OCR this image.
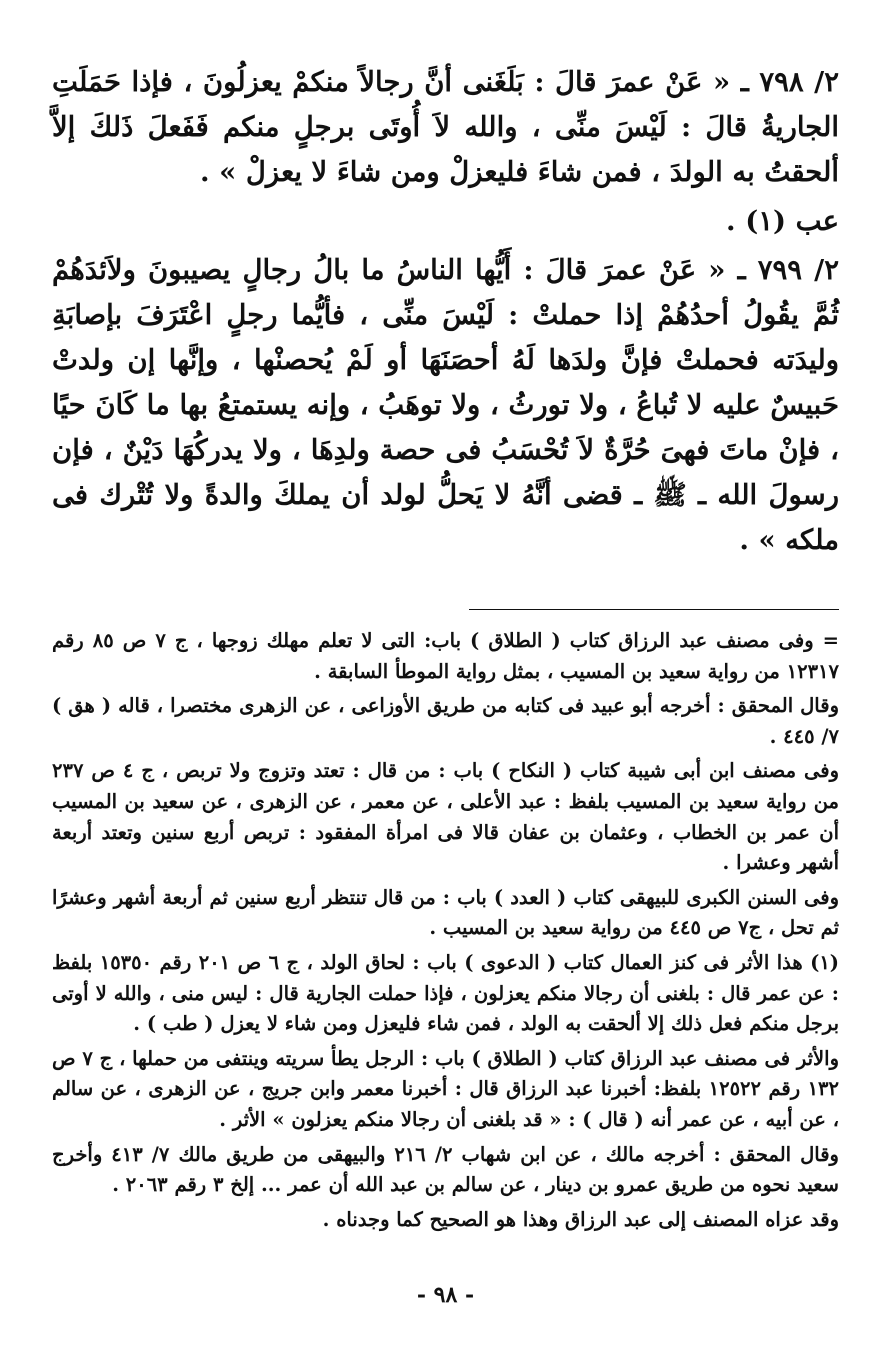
٢/ ٧٩٨ ـ « عَنْ عمرَ قالَ : بَلَغَنى أنَّ رجالاً منكمْ يعزلُونَ ، فإذا حَمَلَتِ الجاريةُ قالَ : لَيْسَ منِّى ، والله لاَ أُوتَى برجلٍ منكم فَفَعلَ ذَلكَ إلاَّ ألحقتُ به الولدَ ، فمن شاءَ فليعزلْ ومن شاءَ لا يعزلْ » .

عب (١) .

٢/ ٧٩٩ ـ « عَنْ عمرَ قالَ : أَيُّها الناسُ ما بالُ رجالٍ يصيبونَ ولاَئدَهُمْ ثُمَّ يقُولُ أحدُهُمْ إذا حملتْ : لَيْسَ منِّى ، فأيُّما رجلٍ اعْتَرَفَ بإصابَةِ وليدَته فحملتْ فإنَّ ولدَها لَهُ أحصَنَهَا أو لَمْ يُحصنْها ، وإنَّها إن ولدتْ حَبيسٌ عليه لا تُباعُ ، ولا تورثُ ، ولا توهَبُ ، وإنه يستمتعُ بها ما كَانَ حيًا ، فإنْ ماتَ فهىَ حُرَّةٌ لاَ تُحْسَبُ فى حصة ولدِهَا ، ولا يدركُهَا دَيْنٌ ، فإن رسولَ الله ـ ﷺ ـ قضى أنَّهُ لا يَحلُّ لولد أن يملكَ والدةً ولا تُتْرك فى ملكه » .

= وفى مصنف عبد الرزاق كتاب ( الطلاق ) باب: التى لا تعلم مهلك زوجها ، ج ٧ ص ٨٥ رقم ١٢٣١٧ من رواية سعيد بن المسيب ، بمثل رواية الموطأ السابقة .

وقال المحقق : أخرجه أبو عبيد فى كتابه من طريق الأوزاعى ، عن الزهرى مختصرا ، قاله ( هق ) ٧/ ٤٤٥ .

وفى مصنف ابن أبى شيبة كتاب ( النكاح ) باب : من قال : تعتد وتزوج ولا تربص ، ج ٤ ص ٢٣٧ من رواية سعيد بن المسيب بلفظ : عبد الأعلى ، عن معمر ، عن الزهرى ، عن سعيد بن المسيب أن عمر بن الخطاب ، وعثمان بن عفان قالا فى امرأة المفقود : تربص أربع سنين وتعتد أربعة أشهر وعشرا .

وفى السنن الكبرى للبيهقى كتاب ( العدد ) باب : من قال تنتظر أربع سنين ثم أربعة أشهر وعشرًا ثم تحل ، ج٧ ص ٤٤٥ من رواية سعيد بن المسيب .

(١) هذا الأثر فى كنز العمال كتاب ( الدعوى ) باب : لحاق الولد ، ج ٦ ص ٢٠١ رقم ١٥٣٥٠ بلفظ : عن عمر قال : بلغنى أن رجالا منكم يعزلون ، فإذا حملت الجارية قال : ليس منى ، والله لا أوتى برجل منكم فعل ذلك إلا ألحقت به الولد ، فمن شاء فليعزل ومن شاء لا يعزل ( طب ) .

والأثر فى مصنف عبد الرزاق كتاب ( الطلاق ) باب : الرجل يطأ سريته وينتفى من حملها ، ج ٧ ص ١٣٢ رقم ١٢٥٢٢ بلفظ: أخبرنا عبد الرزاق قال : أخبرنا معمر وابن جريج ، عن الزهرى ، عن سالم ، عن أبيه ، عن عمر أنه ( قال ) : « قد بلغنى أن رجالا منكم يعزلون » الأثر .

وقال المحقق : أخرجه مالك ، عن ابن شهاب ٢/ ٢١٦ والبيهقى من طريق مالك ٧/ ٤١٣ وأخرج سعيد نحوه من طريق عمرو بن دينار ، عن سالم بن عبد الله أن عمر ... إلخ ٣ رقم ٢٠٦٣ .

وقد عزاه المصنف إلى عبد الرزاق وهذا هو الصحيح كما وجدناه .

- ٩٨ -
